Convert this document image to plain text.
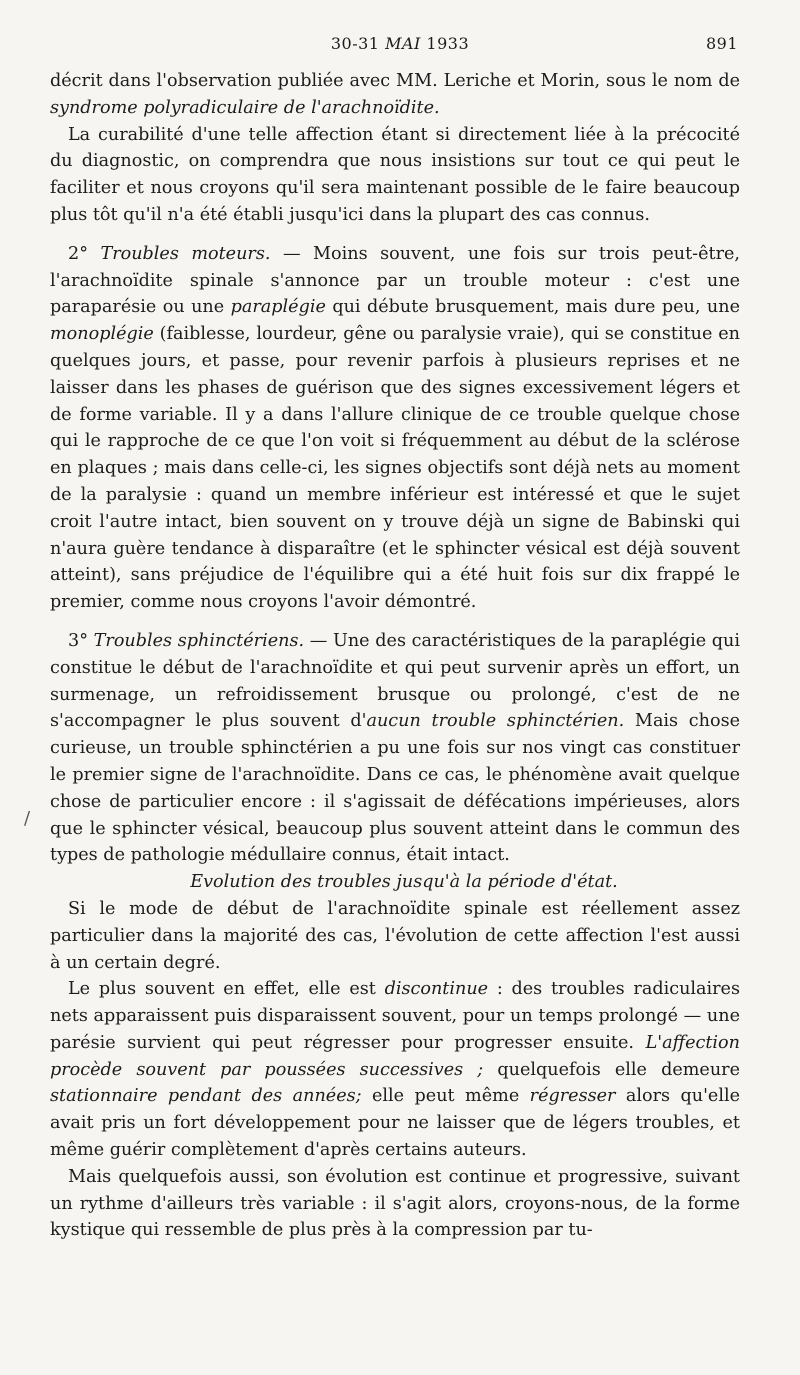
30-31 MAI 1933	891
/

décrit dans l'observation publiée avec MM. Leriche et Morin, sous le nom de syndrome polyradiculaire de l'arachnoïdite.

La curabilité d'une telle affection étant si directement liée à la précocité du diagnostic, on comprendra que nous insistions sur tout ce qui peut le faciliter et nous croyons qu'il sera maintenant possible de le faire beaucoup plus tôt qu'il n'a été établi jusqu'ici dans la plupart des cas connus.

2° Troubles moteurs. — Moins souvent, une fois sur trois peut-être, l'arachnoïdite spinale s'annonce par un trouble moteur : c'est une paraparésie ou une paraplégie qui débute brusquement, mais dure peu, une monoplégie (faiblesse, lourdeur, gêne ou paralysie vraie), qui se constitue en quelques jours, et passe, pour revenir parfois à plusieurs reprises et ne laisser dans les phases de guérison que des signes excessivement légers et de forme variable. Il y a dans l'allure clinique de ce trouble quelque chose qui le rapproche de ce que l'on voit si fréquemment au début de la sclérose en plaques ; mais dans celle-ci, les signes objectifs sont déjà nets au moment de la paralysie : quand un membre inférieur est intéressé et que le sujet croit l'autre intact, bien souvent on y trouve déjà un signe de Babinski qui n'aura guère tendance à disparaître (et le sphincter vésical est déjà souvent atteint), sans préjudice de l'équilibre qui a été huit fois sur dix frappé le premier, comme nous croyons l'avoir démontré.

3° Troubles sphinctériens. — Une des caractéristiques de la paraplégie qui constitue le début de l'arachnoïdite et qui peut survenir après un effort, un surmenage, un refroidissement brusque ou prolongé, c'est de ne s'accompagner le plus souvent d'aucun trouble sphinctérien. Mais chose curieuse, un trouble sphinctérien a pu une fois sur nos vingt cas constituer le premier signe de l'arachnoïdite. Dans ce cas, le phénomène avait quelque chose de particulier encore : il s'agissait de défécations impérieuses, alors que le sphincter vésical, beaucoup plus souvent atteint dans le commun des types de pathologie médullaire connus, était intact.

Evolution des troubles jusqu'à la période d'état.

Si le mode de début de l'arachnoïdite spinale est réellement assez particulier dans la majorité des cas, l'évolution de cette affection l'est aussi à un certain degré.

Le plus souvent en effet, elle est discontinue : des troubles radiculaires nets apparaissent puis disparaissent souvent, pour un temps prolongé — une parésie survient qui peut régresser pour progresser ensuite. L'affection procède souvent par poussées successives ; quelquefois elle demeure stationnaire pendant des années; elle peut même régresser alors qu'elle avait pris un fort développement pour ne laisser que de légers troubles, et même guérir complètement d'après certains auteurs.

Mais quelquefois aussi, son évolution est continue et progressive, suivant un rythme d'ailleurs très variable : il s'agit alors, croyons-nous, de la forme kystique qui ressemble de plus près à la compression par tu-
